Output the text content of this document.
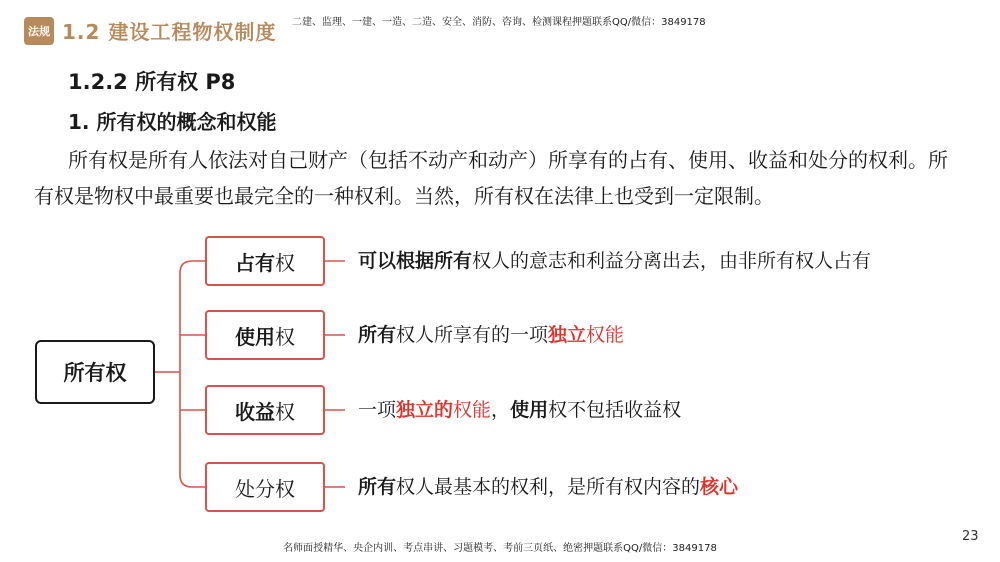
法规 1.2 建设工程物权制度 二建、监理、一建、一造、二造、安全、消防、咨询、检测课程押题联系QQ/微信：3849178
1.2.2 所有权 P8
1. 所有权的概念和权能
所有权是所有人依法对自己财产（包括不动产和动产）所享有的占有、使用、收益和处分的权利。所有权是物权中最重要也最完全的一种权利。当然，所有权在法律上也受到一定限制。
所有权
占有 权
使用 权
收益 权
处分权
可以根据所有权人的意志和利益分离出去，由非所有权人占有
所有权人所享有的一项独立权能
一项独立的权能，使用权不包括收益权
所有权人最基本的权利，是所有权内容的核心
名师面授精华、央企内训、考点串讲、习题模考、考前三页纸、绝密押题联系QQ/微信：3849178
23
